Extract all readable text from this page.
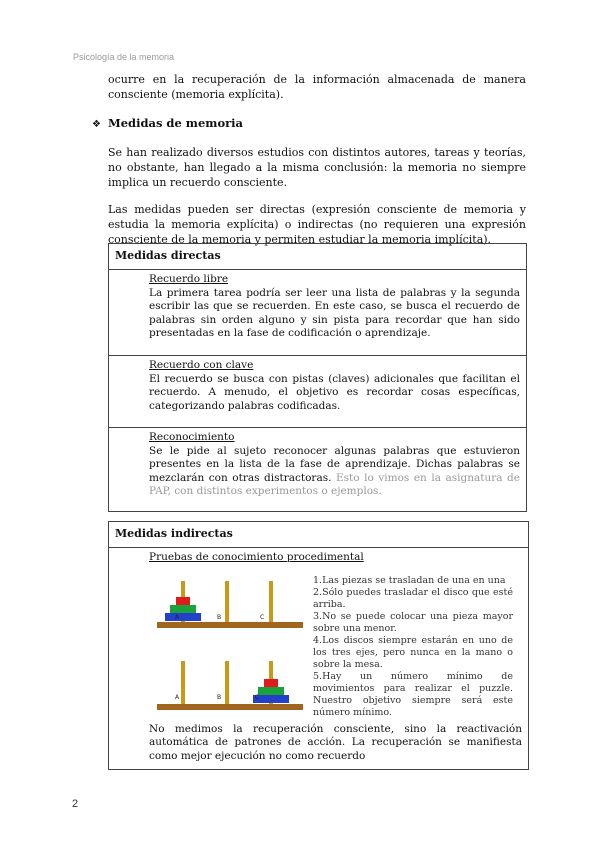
Psicología de la memoria

ocurre en la recuperación de la información almacenada de manera consciente (memoria explícita).

❖ Medidas de memoria

Se han realizado diversos estudios con distintos autores, tareas y teorías, no obstante, han llegado a la misma conclusión: la memoria no siempre implica un recuerdo consciente.

Las medidas pueden ser directas (expresión consciente de memoria y estudia la memoria explícita) o indirectas (no requieren una expresión consciente de la memoria y permiten estudiar la memoria implícita).

Medidas directas

Recuerdo libre
La primera tarea podría ser leer una lista de palabras y la segunda escribir las que se recuerden. En este caso, se busca el recuerdo de palabras sin orden alguno y sin pista para recordar que han sido presentadas en la fase de codificación o aprendizaje.

Recuerdo con clave
El recuerdo se busca con pistas (claves) adicionales que facilitan el recuerdo. A menudo, el objetivo es recordar cosas específicas, categorizando palabras codificadas.

Reconocimiento
Se le pide al sujeto reconocer algunas palabras que estuvieron presentes en la lista de la fase de aprendizaje. Dichas palabras se mezclarán con otras distractoras. Esto lo vimos en la asignatura de PAP, con distintos experimentos o ejemplos.
Medidas indirectas

Pruebas de conocimiento procedimental
A	B	C
A	B	C
1.Las piezas se trasladan de una en una
2.Sólo puedes trasladar el disco que esté arriba.
3.No se puede colocar una pieza mayor sobre una menor.
4.Los discos siempre estarán en uno de los tres ejes, pero nunca en la mano o sobre la mesa.
5.Hay un número mínimo de movimientos para realizar el puzzle. Nuestro objetivo siempre será este número mínimo.
No medimos la recuperación consciente, sino la reactivación automática de patrones de acción. La recuperación se manifiesta como mejor ejecución no como recuerdo
2
